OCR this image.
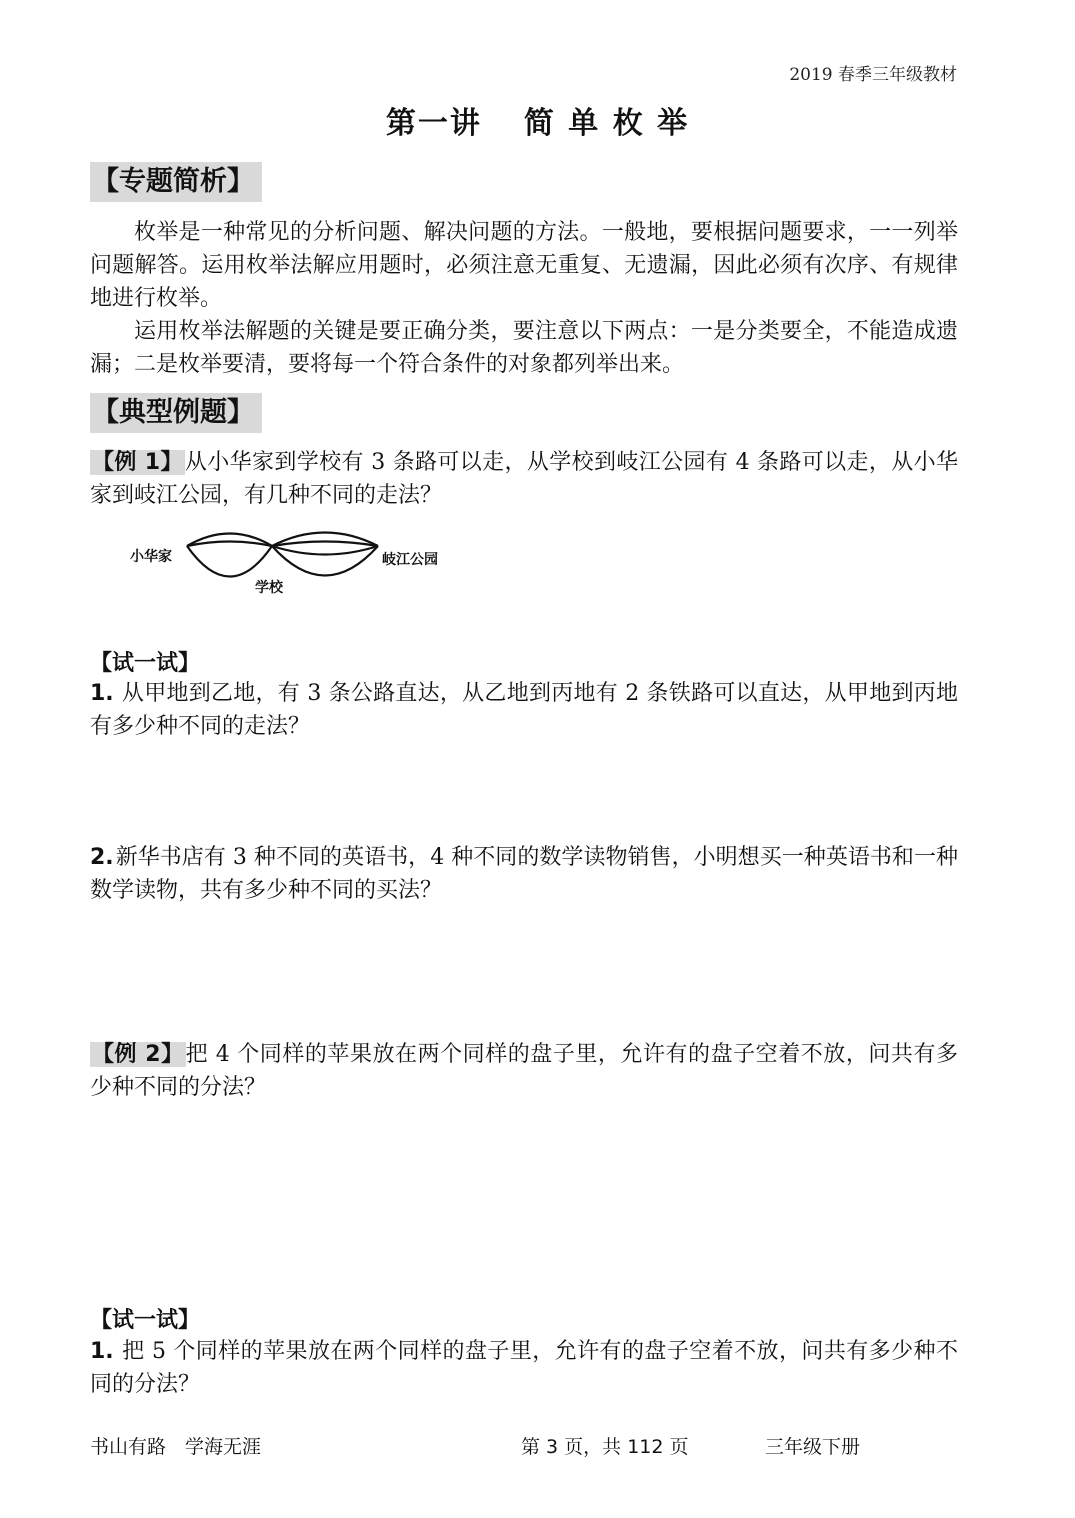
2019 春季三年级教材
第一讲 简 单 枚 举
【专题简析】
枚举是一种常见的分析问题、解决问题的方法。一般地，要根据问题要求，一一列举问题解答。运用枚举法解应用题时，必须注意无重复、无遗漏，因此必须有次序、有规律地进行枚举。
运用枚举法解题的关键是要正确分类，要注意以下两点：一是分类要全，不能造成遗漏；二是枚举要清，要将每一个符合条件的对象都列举出来。
【典型例题】
【例 1】从小华家到学校有 3 条路可以走，从学校到岐江公园有 4 条路可以走，从小华家到岐江公园，有几种不同的走法？
小华家
学校
岐江公园
【试一试】
1. 从甲地到乙地，有 3 条公路直达，从乙地到丙地有 2 条铁路可以直达，从甲地到丙地有多少种不同的走法？
2.新华书店有 3 种不同的英语书，4 种不同的数学读物销售，小明想买一种英语书和一种数学读物，共有多少种不同的买法？
【例 2】把 4 个同样的苹果放在两个同样的盘子里，允许有的盘子空着不放，问共有多少种不同的分法？
【试一试】
1. 把 5 个同样的苹果放在两个同样的盘子里，允许有的盘子空着不放，问共有多少种不同的分法？
书山有路　学海无涯	第 3 页，共 112 页	三年级下册
